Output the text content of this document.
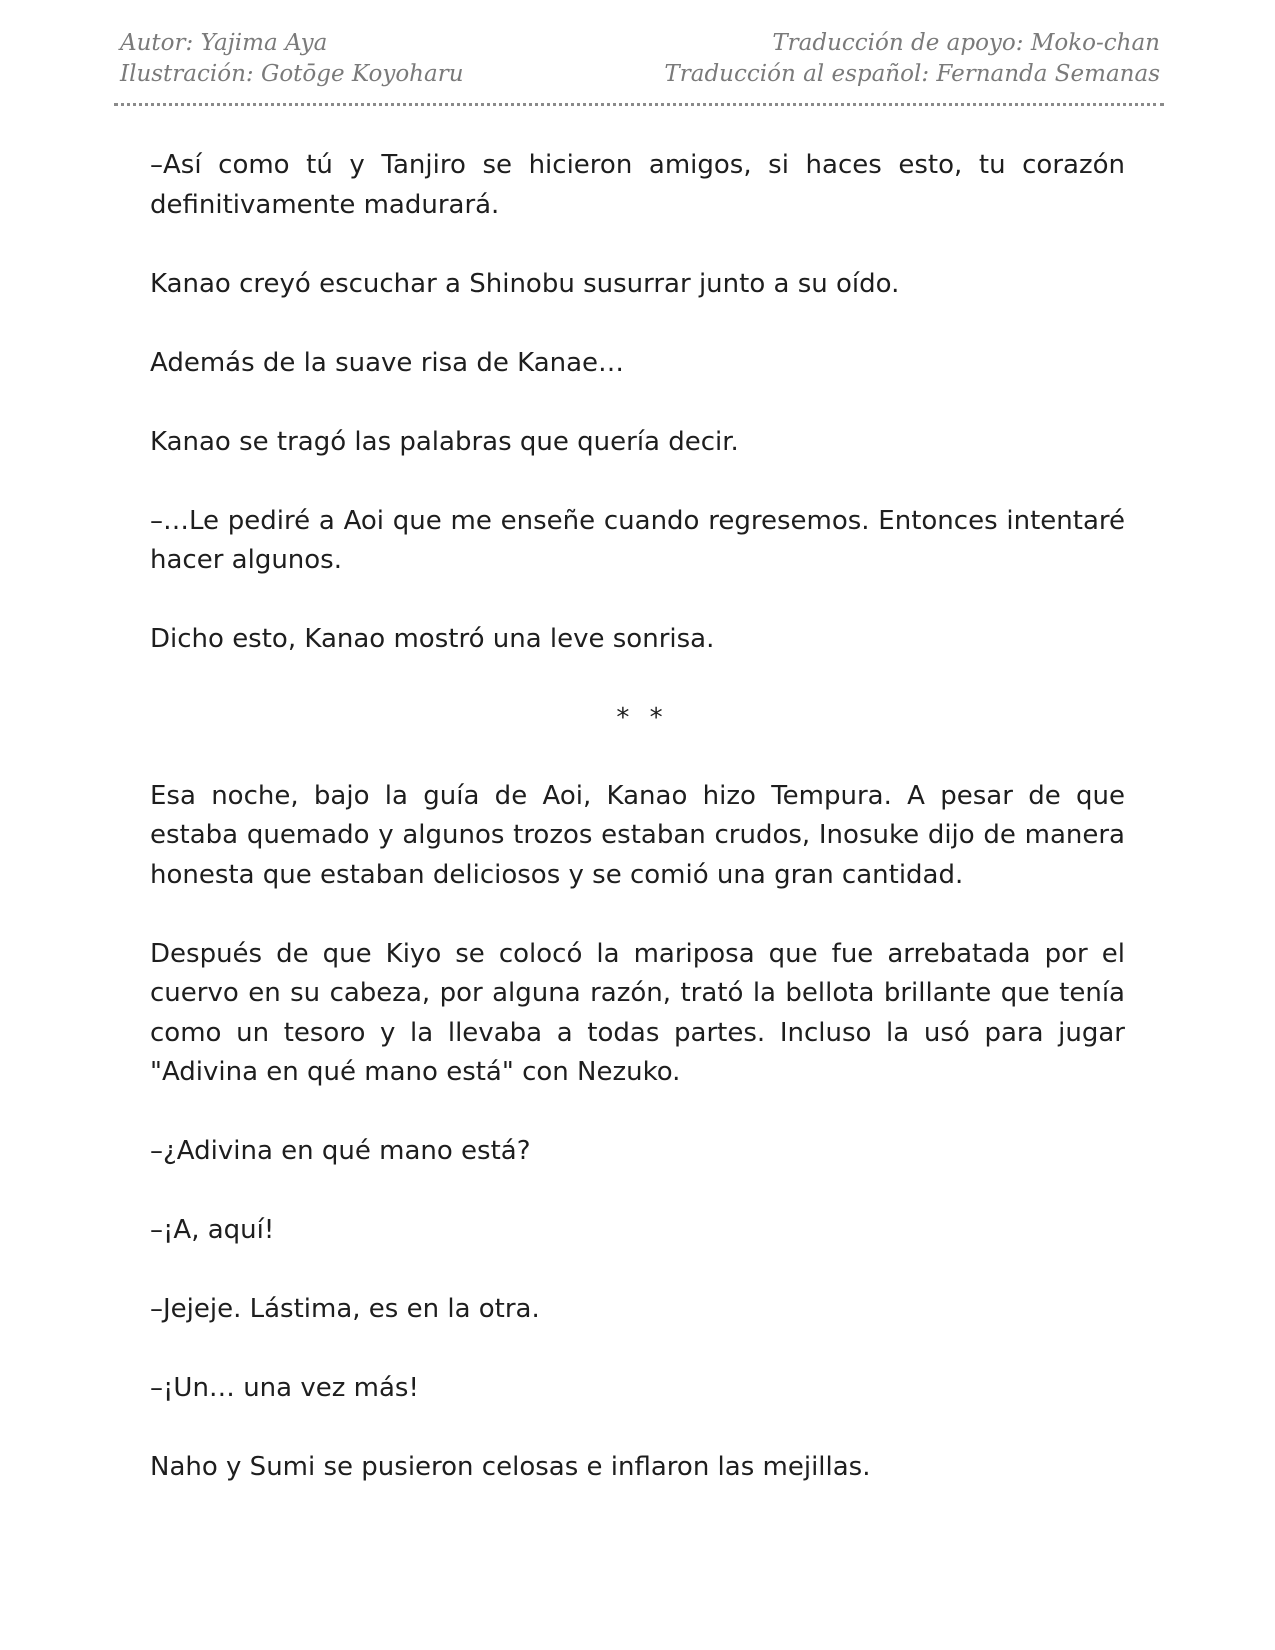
Autor: Yajima Aya	Traducción de apoyo: Moko-chan
Ilustración: Gotōge Koyoharu	Traducción al español: Fernanda Semanas

–Así como tú y Tanjiro se hicieron amigos, si haces esto, tu corazón definitivamente madurará.

Kanao creyó escuchar a Shinobu susurrar junto a su oído.

Además de la suave risa de Kanae…

Kanao se tragó las palabras que quería decir.

–…Le pediré a Aoi que me enseñe cuando regresemos. Entonces intentaré hacer algunos.

Dicho esto, Kanao mostró una leve sonrisa.

* *

Esa noche, bajo la guía de Aoi, Kanao hizo Tempura. A pesar de que estaba quemado y algunos trozos estaban crudos, Inosuke dijo de manera honesta que estaban deliciosos y se comió una gran cantidad.

Después de que Kiyo se colocó la mariposa que fue arrebatada por el cuervo en su cabeza, por alguna razón, trató la bellota brillante que tenía como un tesoro y la llevaba a todas partes. Incluso la usó para jugar "Adivina en qué mano está" con Nezuko.

–¿Adivina en qué mano está?

–¡A, aquí!

–Jejeje. Lástima, es en la otra.

–¡Un… una vez más!

Naho y Sumi se pusieron celosas e inflaron las mejillas.
